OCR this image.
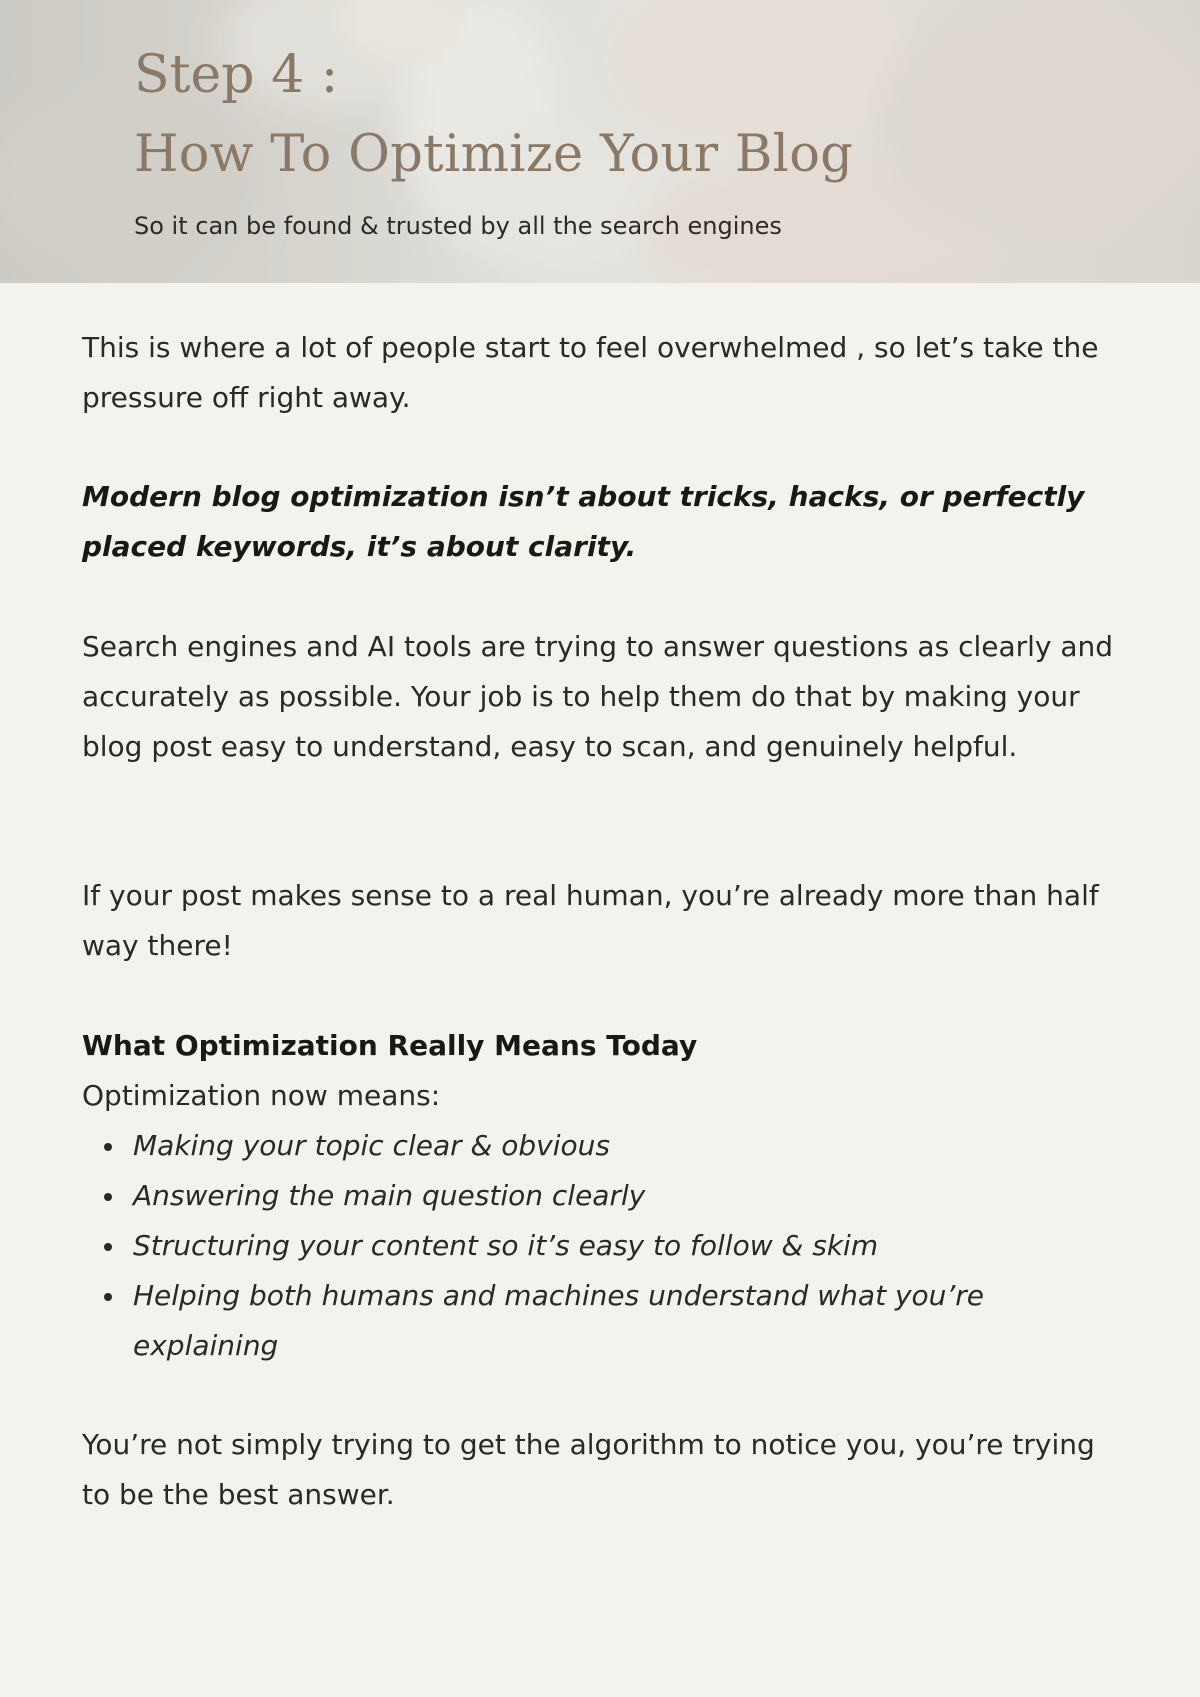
Step 4 :
How To Optimize Your Blog

So it can be found & trusted by all the search engines

This is where a lot of people start to feel overwhelmed , so let’s take the pressure off right away.

Modern blog optimization isn’t about tricks, hacks, or perfectly placed keywords, it’s about clarity.

Search engines and AI tools are trying to answer questions as clearly and accurately as possible. Your job is to help them do that by making your blog post easy to understand, easy to scan, and genuinely helpful.

If your post makes sense to a real human, you’re already more than half way there!

What Optimization Really Means Today

Optimization now means:

Making your topic clear & obvious
Answering the main question clearly
Structuring your content so it’s easy to follow & skim
Helping both humans and machines understand what you’re explaining

You’re not simply trying to get the algorithm to notice you, you’re trying to be the best answer.
